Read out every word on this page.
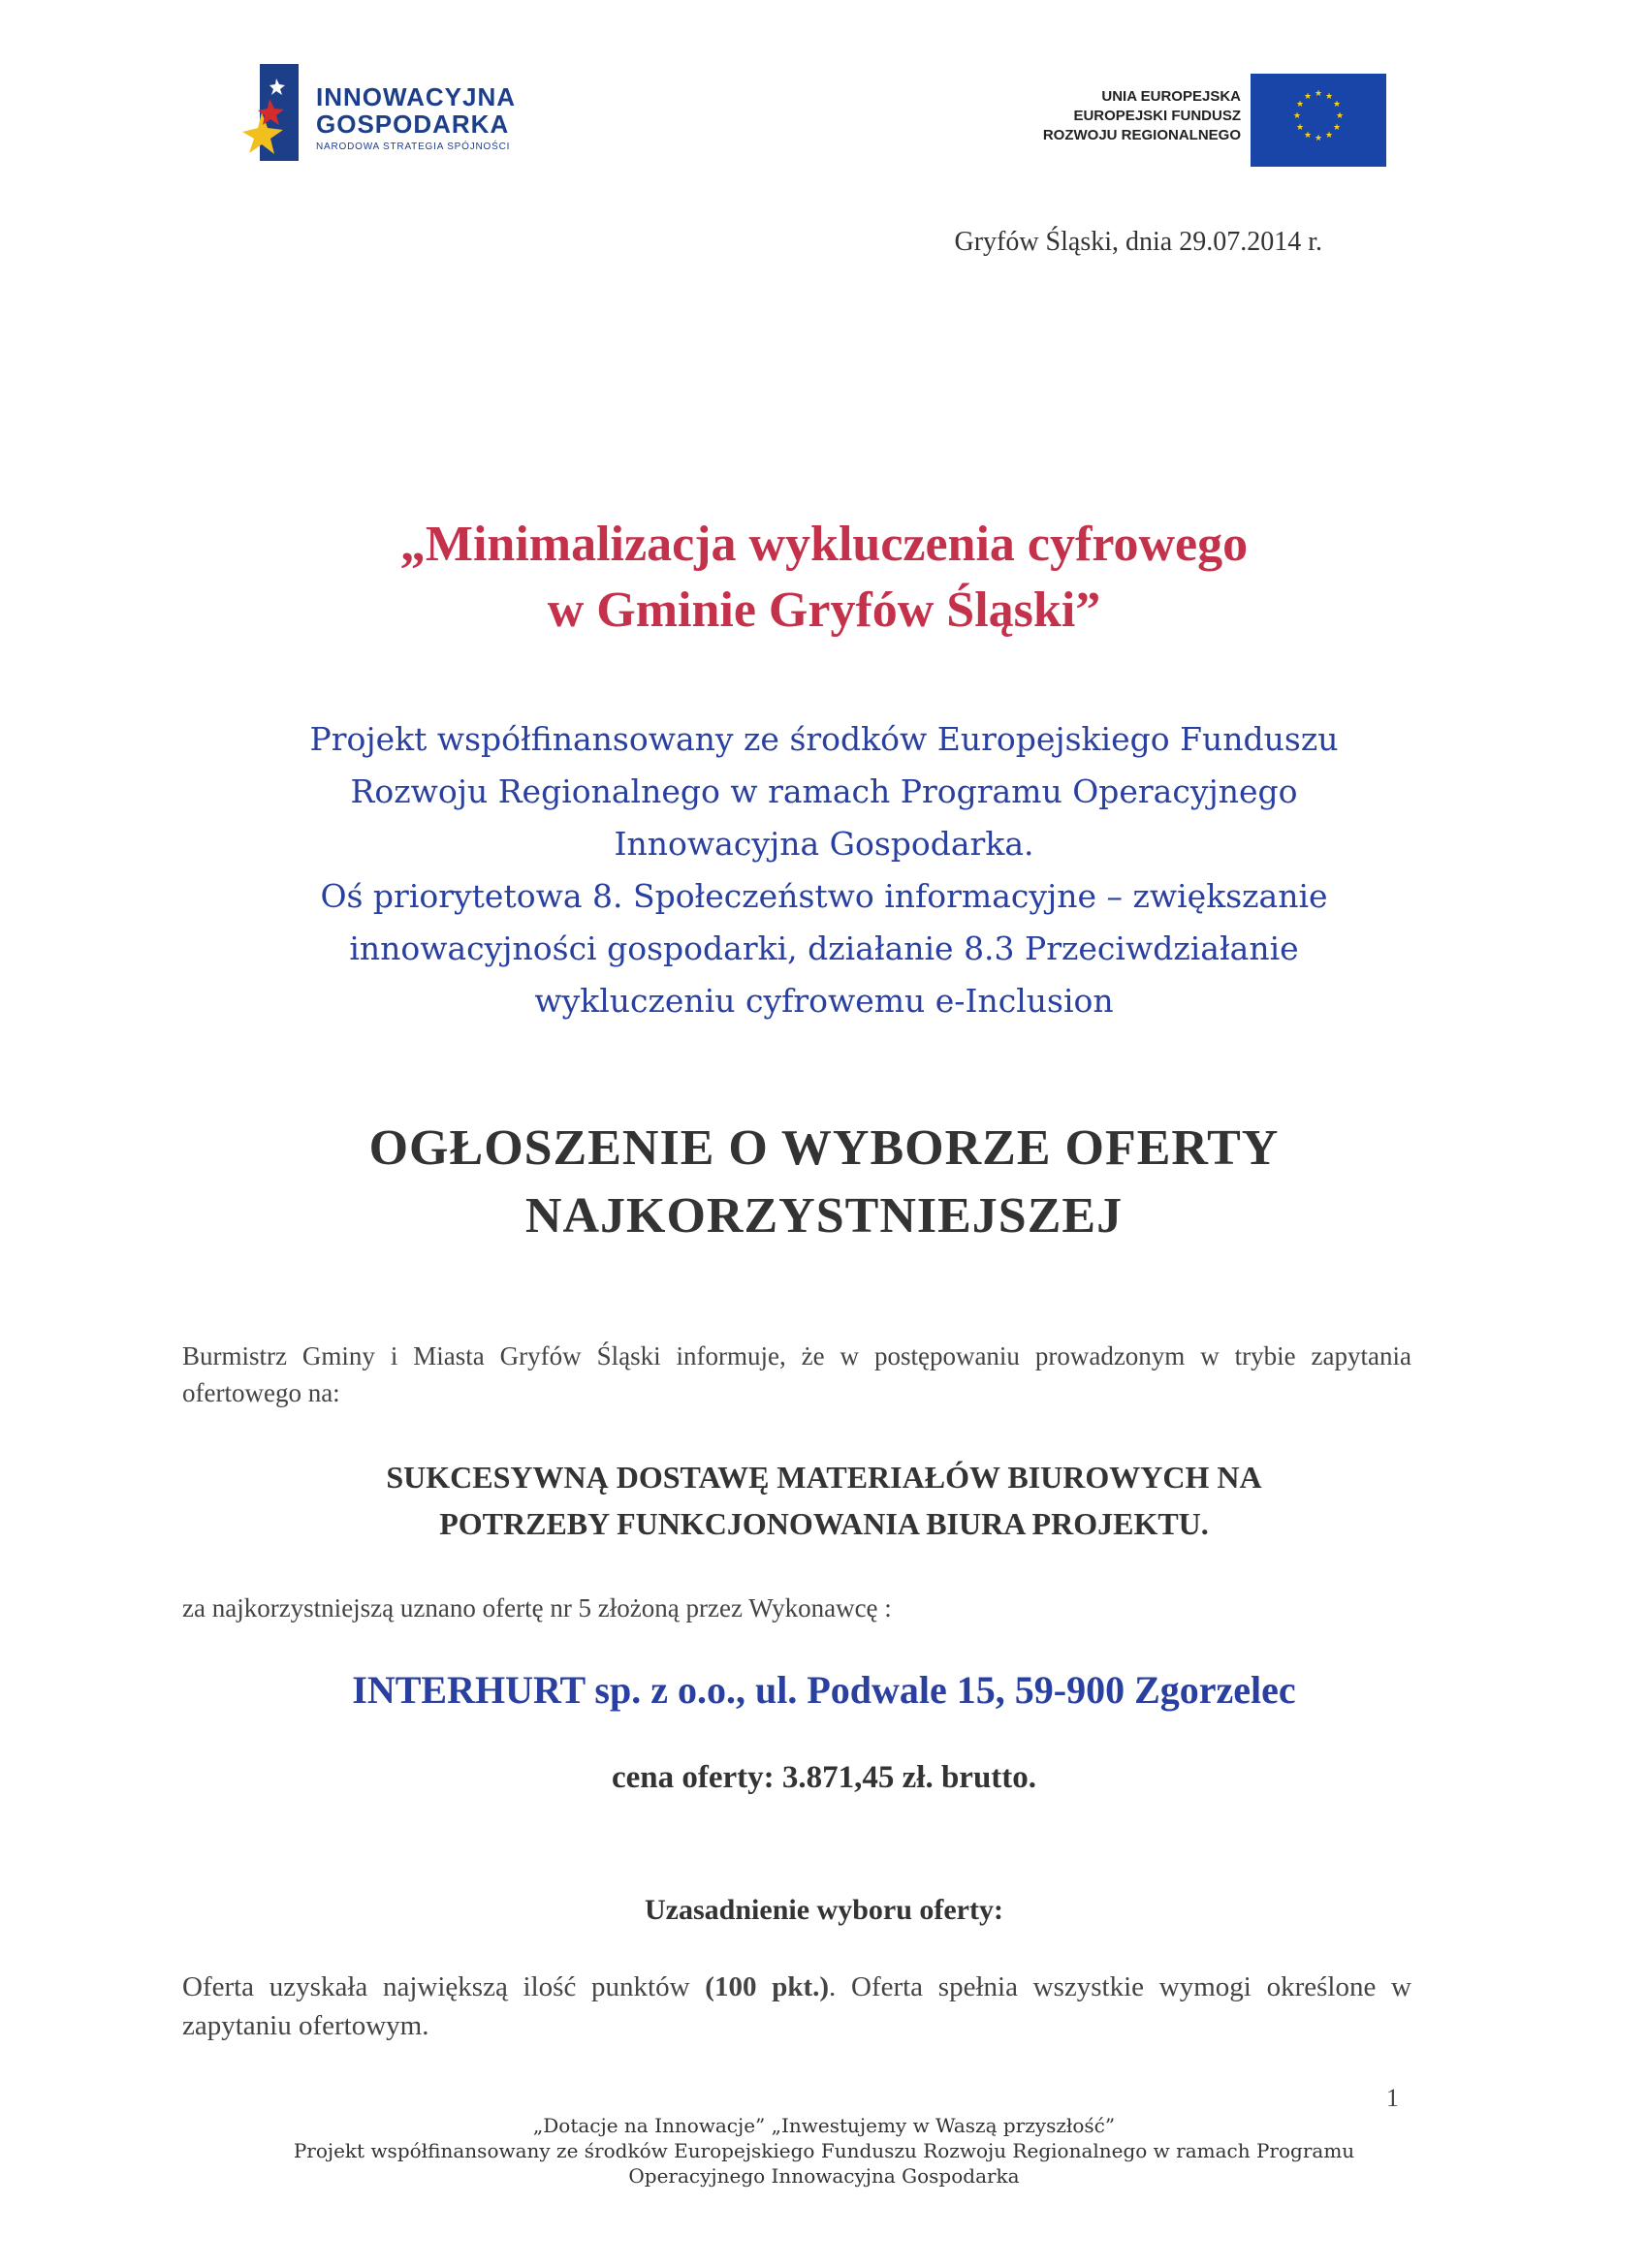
INNOWACYJNA
GOSPODARKA
NARODOWA STRATEGIA SPÓJNOŚCI
UNIA EUROPEJSKA
EUROPEJSKI FUNDUSZ
ROZWOJU REGIONALNEGO
★ ★
★
★
★
★
★
★
★
★
★
★
Gryfów Śląski, dnia 29.07.2014 r.
„Minimalizacja wykluczenia cyfrowego
w Gminie Gryfów Śląski”
Projekt współfinansowany ze środków Europejskiego Funduszu
Rozwoju Regionalnego w ramach Programu Operacyjnego
Innowacyjna Gospodarka.
Oś priorytetowa 8. Społeczeństwo informacyjne – zwiększanie
innowacyjności gospodarki, działanie 8.3 Przeciwdziałanie
wykluczeniu cyfrowemu e-Inclusion
OGŁOSZENIE O WYBORZE OFERTY
NAJKORZYSTNIEJSZEJ
Burmistrz Gminy i Miasta Gryfów Śląski informuje, że w postępowaniu prowadzonym w trybie zapytania ofertowego na:
SUKCESYWNĄ DOSTAWĘ MATERIAŁÓW BIUROWYCH NA
POTRZEBY FUNKCJONOWANIA BIURA PROJEKTU.
za najkorzystniejszą uznano ofertę nr 5 złożoną przez Wykonawcę :
INTERHURT sp. z o.o., ul. Podwale 15, 59-900 Zgorzelec
cena oferty: 3.871,45 zł. brutto.
Uzasadnienie wyboru oferty:
Oferta uzyskała największą ilość punktów (100 pkt.). Oferta spełnia wszystkie wymogi określone w zapytaniu ofertowym.
1
„Dotacje na Innowacje” „Inwestujemy w Waszą przyszłość”
Projekt współfinansowany ze środków Europejskiego Funduszu Rozwoju Regionalnego w ramach Programu
Operacyjnego Innowacyjna Gospodarka
